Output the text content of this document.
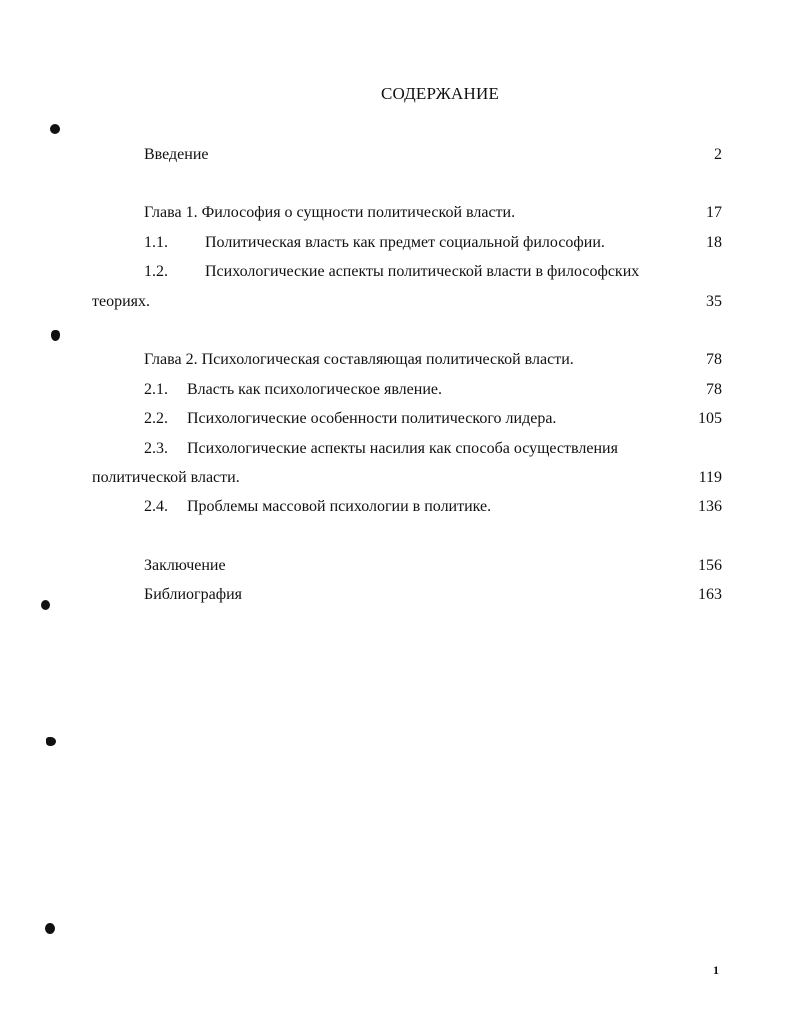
СОДЕРЖАНИЕ
Введение	2
Глава 1. Философия о сущности политической власти.	17
1.1. Политическая власть как предмет социальной философии.	18
1.2. Психологические аспекты политической власти в философских
теориях.	35
Глава 2. Психологическая составляющая политической власти.	78
2.1. Власть как психологическое явление.	78
2.2. Психологические особенности политического лидера.	105
2.3. Психологические аспекты насилия как способа осуществления
политической власти.	119
2.4. Проблемы массовой психологии в политике.	136
Заключение	156
Библиография	163
1
